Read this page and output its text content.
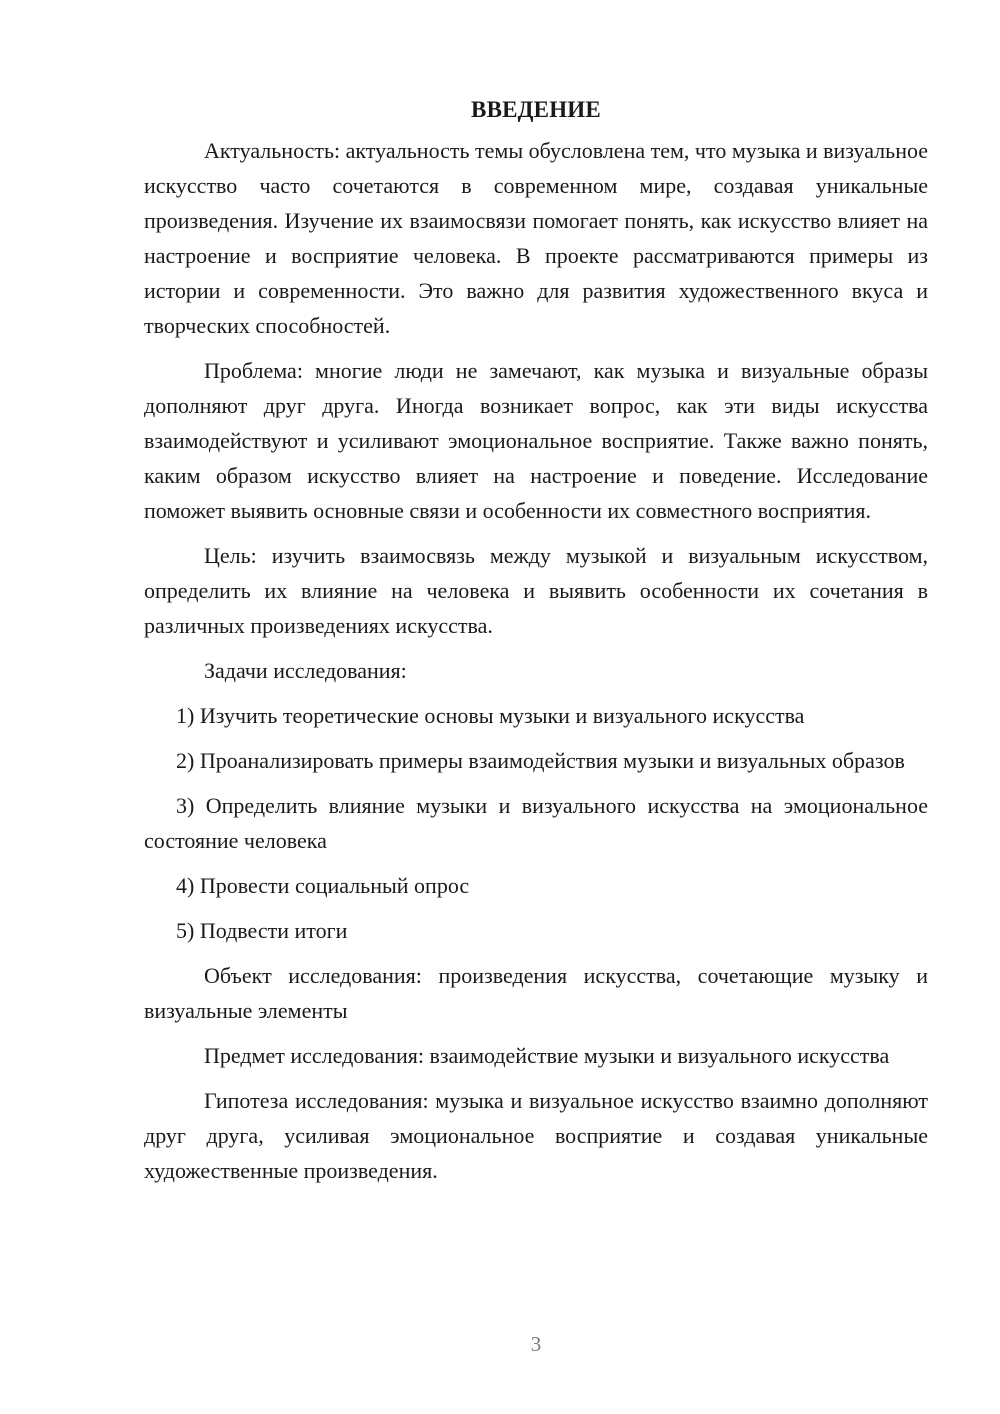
ВВЕДЕНИЕ

Актуальность: актуальность темы обусловлена тем, что музыка и визуальное искусство часто сочетаются в современном мире, создавая уникальные произведения. Изучение их взаимосвязи помогает понять, как искусство влияет на настроение и восприятие человека. В проекте рассматриваются примеры из истории и современности. Это важно для развития художественного вкуса и творческих способностей.

Проблема: многие люди не замечают, как музыка и визуальные образы дополняют друг друга. Иногда возникает вопрос, как эти виды искусства взаимодействуют и усиливают эмоциональное восприятие. Также важно понять, каким образом искусство влияет на настроение и поведение. Исследование поможет выявить основные связи и особенности их совместного восприятия.

Цель: изучить взаимосвязь между музыкой и визуальным искусством, определить их влияние на человека и выявить особенности их сочетания в различных произведениях искусства.

Задачи исследования:

1) Изучить теоретические основы музыки и визуального искусства

2) Проанализировать примеры взаимодействия музыки и визуальных образов

3) Определить влияние музыки и визуального искусства на эмоциональное состояние человека

4) Провести социальный опрос

5) Подвести итоги

Объект исследования: произведения искусства, сочетающие музыку и визуальные элементы

Предмет исследования: взаимодействие музыки и визуального искусства

Гипотеза исследования: музыка и визуальное искусство взаимно дополняют друг друга, усиливая эмоциональное восприятие и создавая уникальные художественные произведения.

3
